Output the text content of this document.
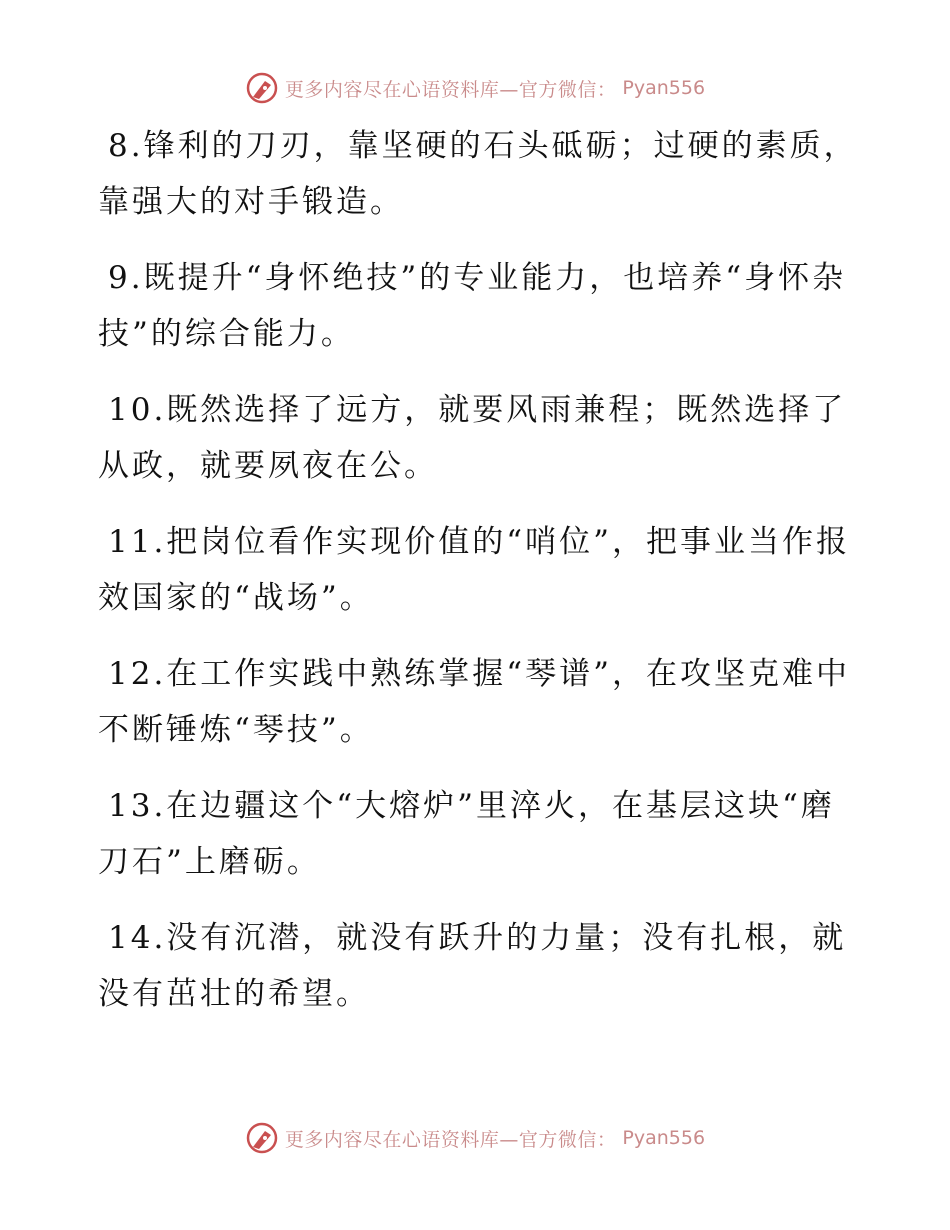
更多内容尽在心语资料库—官方微信： Pyan556

8.锋利的刀刃，靠坚硬的石头砥砺；过硬的素质，靠强大的对手锻造。

9.既提升“身怀绝技”的专业能力，也培养“身怀杂技”的综合能力。

10.既然选择了远方，就要风雨兼程；既然选择了从政，就要夙夜在公。

11.把岗位看作实现价值的“哨位”，把事业当作报效国家的“战场”。

12.在工作实践中熟练掌握“琴谱”，在攻坚克难中不断锤炼“琴技”。

13.在边疆这个“大熔炉”里淬火，在基层这块“磨刀石”上磨砺。

14.没有沉潜，就没有跃升的力量；没有扎根，就没有茁壮的希望。

更多内容尽在心语资料库—官方微信： Pyan556
